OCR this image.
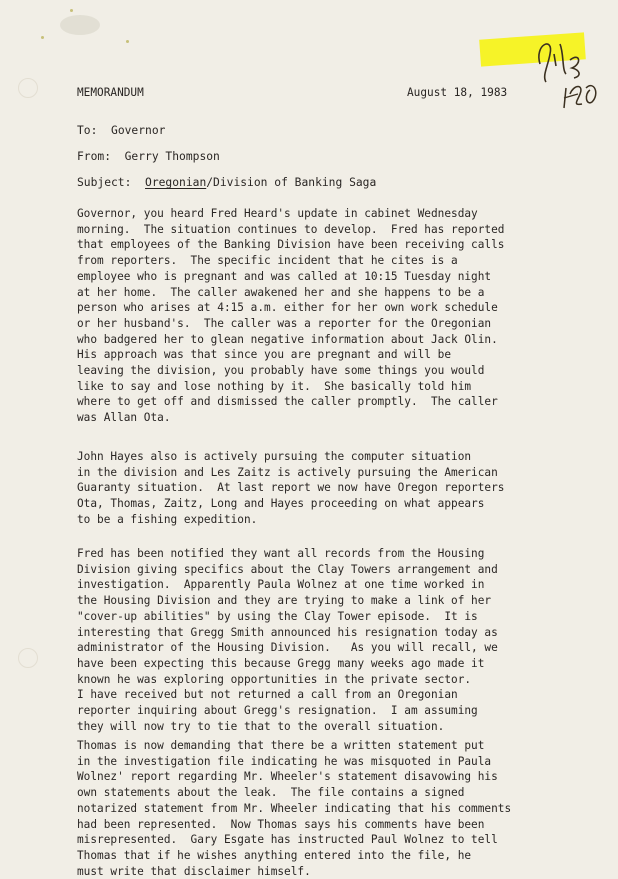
MEMORANDUM	August 18, 1983
To: Governor
From: Gerry Thompson
Subject: Oregonian/Division of Banking Saga
Governor, you heard Fred Heard's update in cabinet Wednesday
morning.  The situation continues to develop.  Fred has reported
that employees of the Banking Division have been receiving calls
from reporters.  The specific incident that he cites is a
employee who is pregnant and was called at 10:15 Tuesday night
at her home.  The caller awakened her and she happens to be a
person who arises at 4:15 a.m. either for her own work schedule
or her husband's.  The caller was a reporter for the Oregonian
who badgered her to glean negative information about Jack Olin.
His approach was that since you are pregnant and will be
leaving the division, you probably have some things you would
like to say and lose nothing by it.  She basically told him
where to get off and dismissed the caller promptly.  The caller
was Allan Ota.
John Hayes also is actively pursuing the computer situation
in the division and Les Zaitz is actively pursuing the American
Guaranty situation.  At last report we now have Oregon reporters
Ota, Thomas, Zaitz, Long and Hayes proceeding on what appears
to be a fishing expedition.
Fred has been notified they want all records from the Housing
Division giving specifics about the Clay Towers arrangement and
investigation.  Apparently Paula Wolnez at one time worked in
the Housing Division and they are trying to make a link of her
"cover-up abilities" by using the Clay Tower episode.  It is
interesting that Gregg Smith announced his resignation today as
administrator of the Housing Division.   As you will recall, we
have been expecting this because Gregg many weeks ago made it
known he was exploring opportunities in the private sector.
I have received but not returned a call from an Oregonian
reporter inquiring about Gregg's resignation.  I am assuming
they will now try to tie that to the overall situation.
Thomas is now demanding that there be a written statement put
in the investigation file indicating he was misquoted in Paula
Wolnez' report regarding Mr. Wheeler's statement disavowing his
own statements about the leak.  The file contains a signed
notarized statement from Mr. Wheeler indicating that his comments
had been represented.  Now Thomas says his comments have been
misrepresented.  Gary Esgate has instructed Paul Wolnez to tell
Thomas that if he wishes anything entered into the file, he
must write that disclaimer himself.
